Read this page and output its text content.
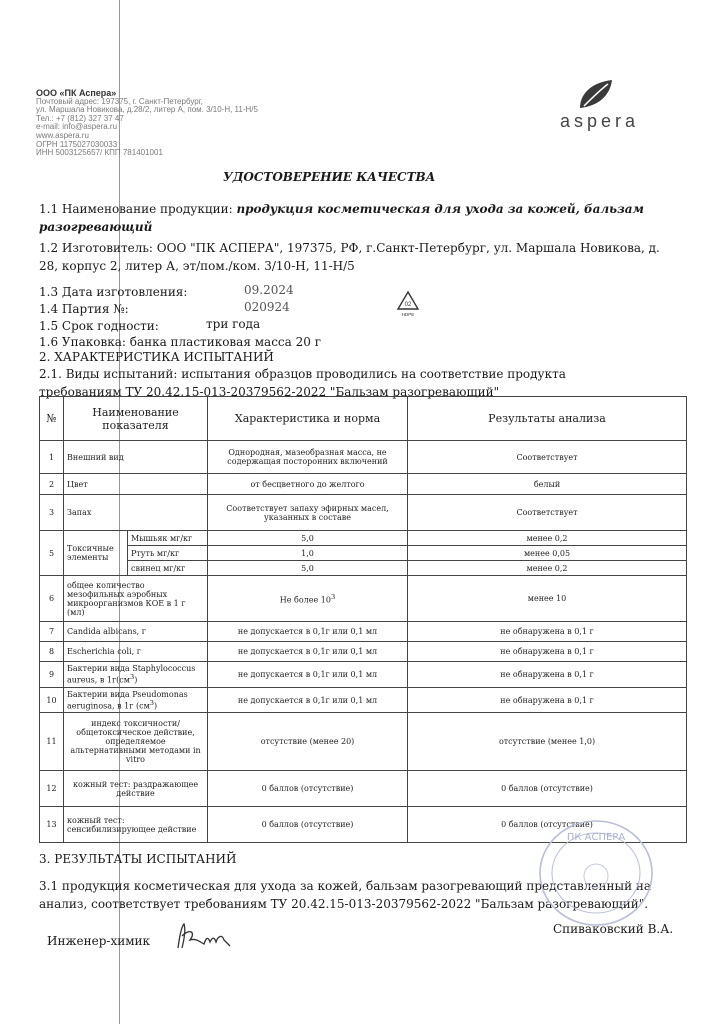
ООО «ПК Аспера»
Почтовый адрес: 197375, г. Санкт-Петербург,
ул. Маршала Новикова, д.28/2, литер А, пом. 3/10-Н, 11-Н/5
Тел.: +7 (812) 327 37 47
e-mail: info@aspera.ru
www.aspera.ru
ОГРН 1175027030033
ИНН 5003125657/ КПП 781401001
aspera
УДОСТОВЕРЕНИЕ КАЧЕСТВА
1.1 Наименование продукции: продукция косметическая для ухода за кожей, бальзам разогревающий
1.2 Изготовитель: ООО "ПК АСПЕРА", 197375, РФ, г.Санкт-Петербург, ул. Маршала Новикова, д. 28, корпус 2, литер А, эт/пом./ком. 3/10-Н, 11-Н/5
1.3 Дата изготовления:	09.2024
1.4 Партия №:	020924
1.5 Срок годности:	три года
1.6 Упаковка: банка пластиковая масса 20 г
02
HDPE
2. ХАРАКТЕРИСТИКА ИСПЫТАНИЙ
2.1. Виды испытаний: испытания образцов проводились на соответствие продукта требованиям ТУ 20.42.15-013-20379562-2022 "Бальзам разогревающий"
№	Наименование показателя		Характеристика и норма	Результаты анализа
1	Внешний вид		Однородная, мазеобразная масса, не содержащая посторонних включений	Соответствует
2	Цвет		от бесцветного до желтого	белый
3	Запах		Соответствует запаху эфирных масел, указанных в составе	Соответствует
5	Токсичные элементы	Мышьяк мг/кг	5,0	менее 0,2
		Ртуть мг/кг	1,0	менее 0,05
		свинец мг/кг	5,0	менее 0,2
6	общее количество мезофильных аэробных микроорганизмов КОЕ в 1 г (мл)		Не более $10^3$	менее 10
7	Candida albicans, г		не допускается в 0,1г или 0,1 мл	не обнаружена в 0,1 г
8	Escherichia coli, г		не допускается в 0,1г или 0,1 мл	не обнаружена в 0,1 г
9	Бактерии вида Staphylococcus aureus, в $1г(см^3)$		не допускается в 0,1г или 0,1 мл	не обнаружена в 0,1 г
10	Бактерии вида Pseudomonas aeruginosa, в 1г $(см^3)$		не допускается в 0,1г или 0,1 мл	не обнаружена в 0,1 г
11	индекс токсичности/ общетоксическое действие, определяемое альтернативными методами in vitro		отсутствие (менее 20)	отсутствие (менее 1,0)
12	кожный тест: раздражающее действие		0 баллов (отсутствие)	0 баллов (отсутствие)
13	кожный тест: сенсибилизирующее действие		0 баллов (отсутствие)	0 баллов (отсутствие)
3. РЕЗУЛЬТАТЫ ИСПЫТАНИЙ
3.1 продукция косметическая для ухода за кожей, бальзам разогревающий представленный на анализ, соответствует требованиям ТУ 20.42.15-013-20379562-2022 "Бальзам разогревающий".
Инженер-химик
Спиваковский В.А.
ПК АСПЕРА
